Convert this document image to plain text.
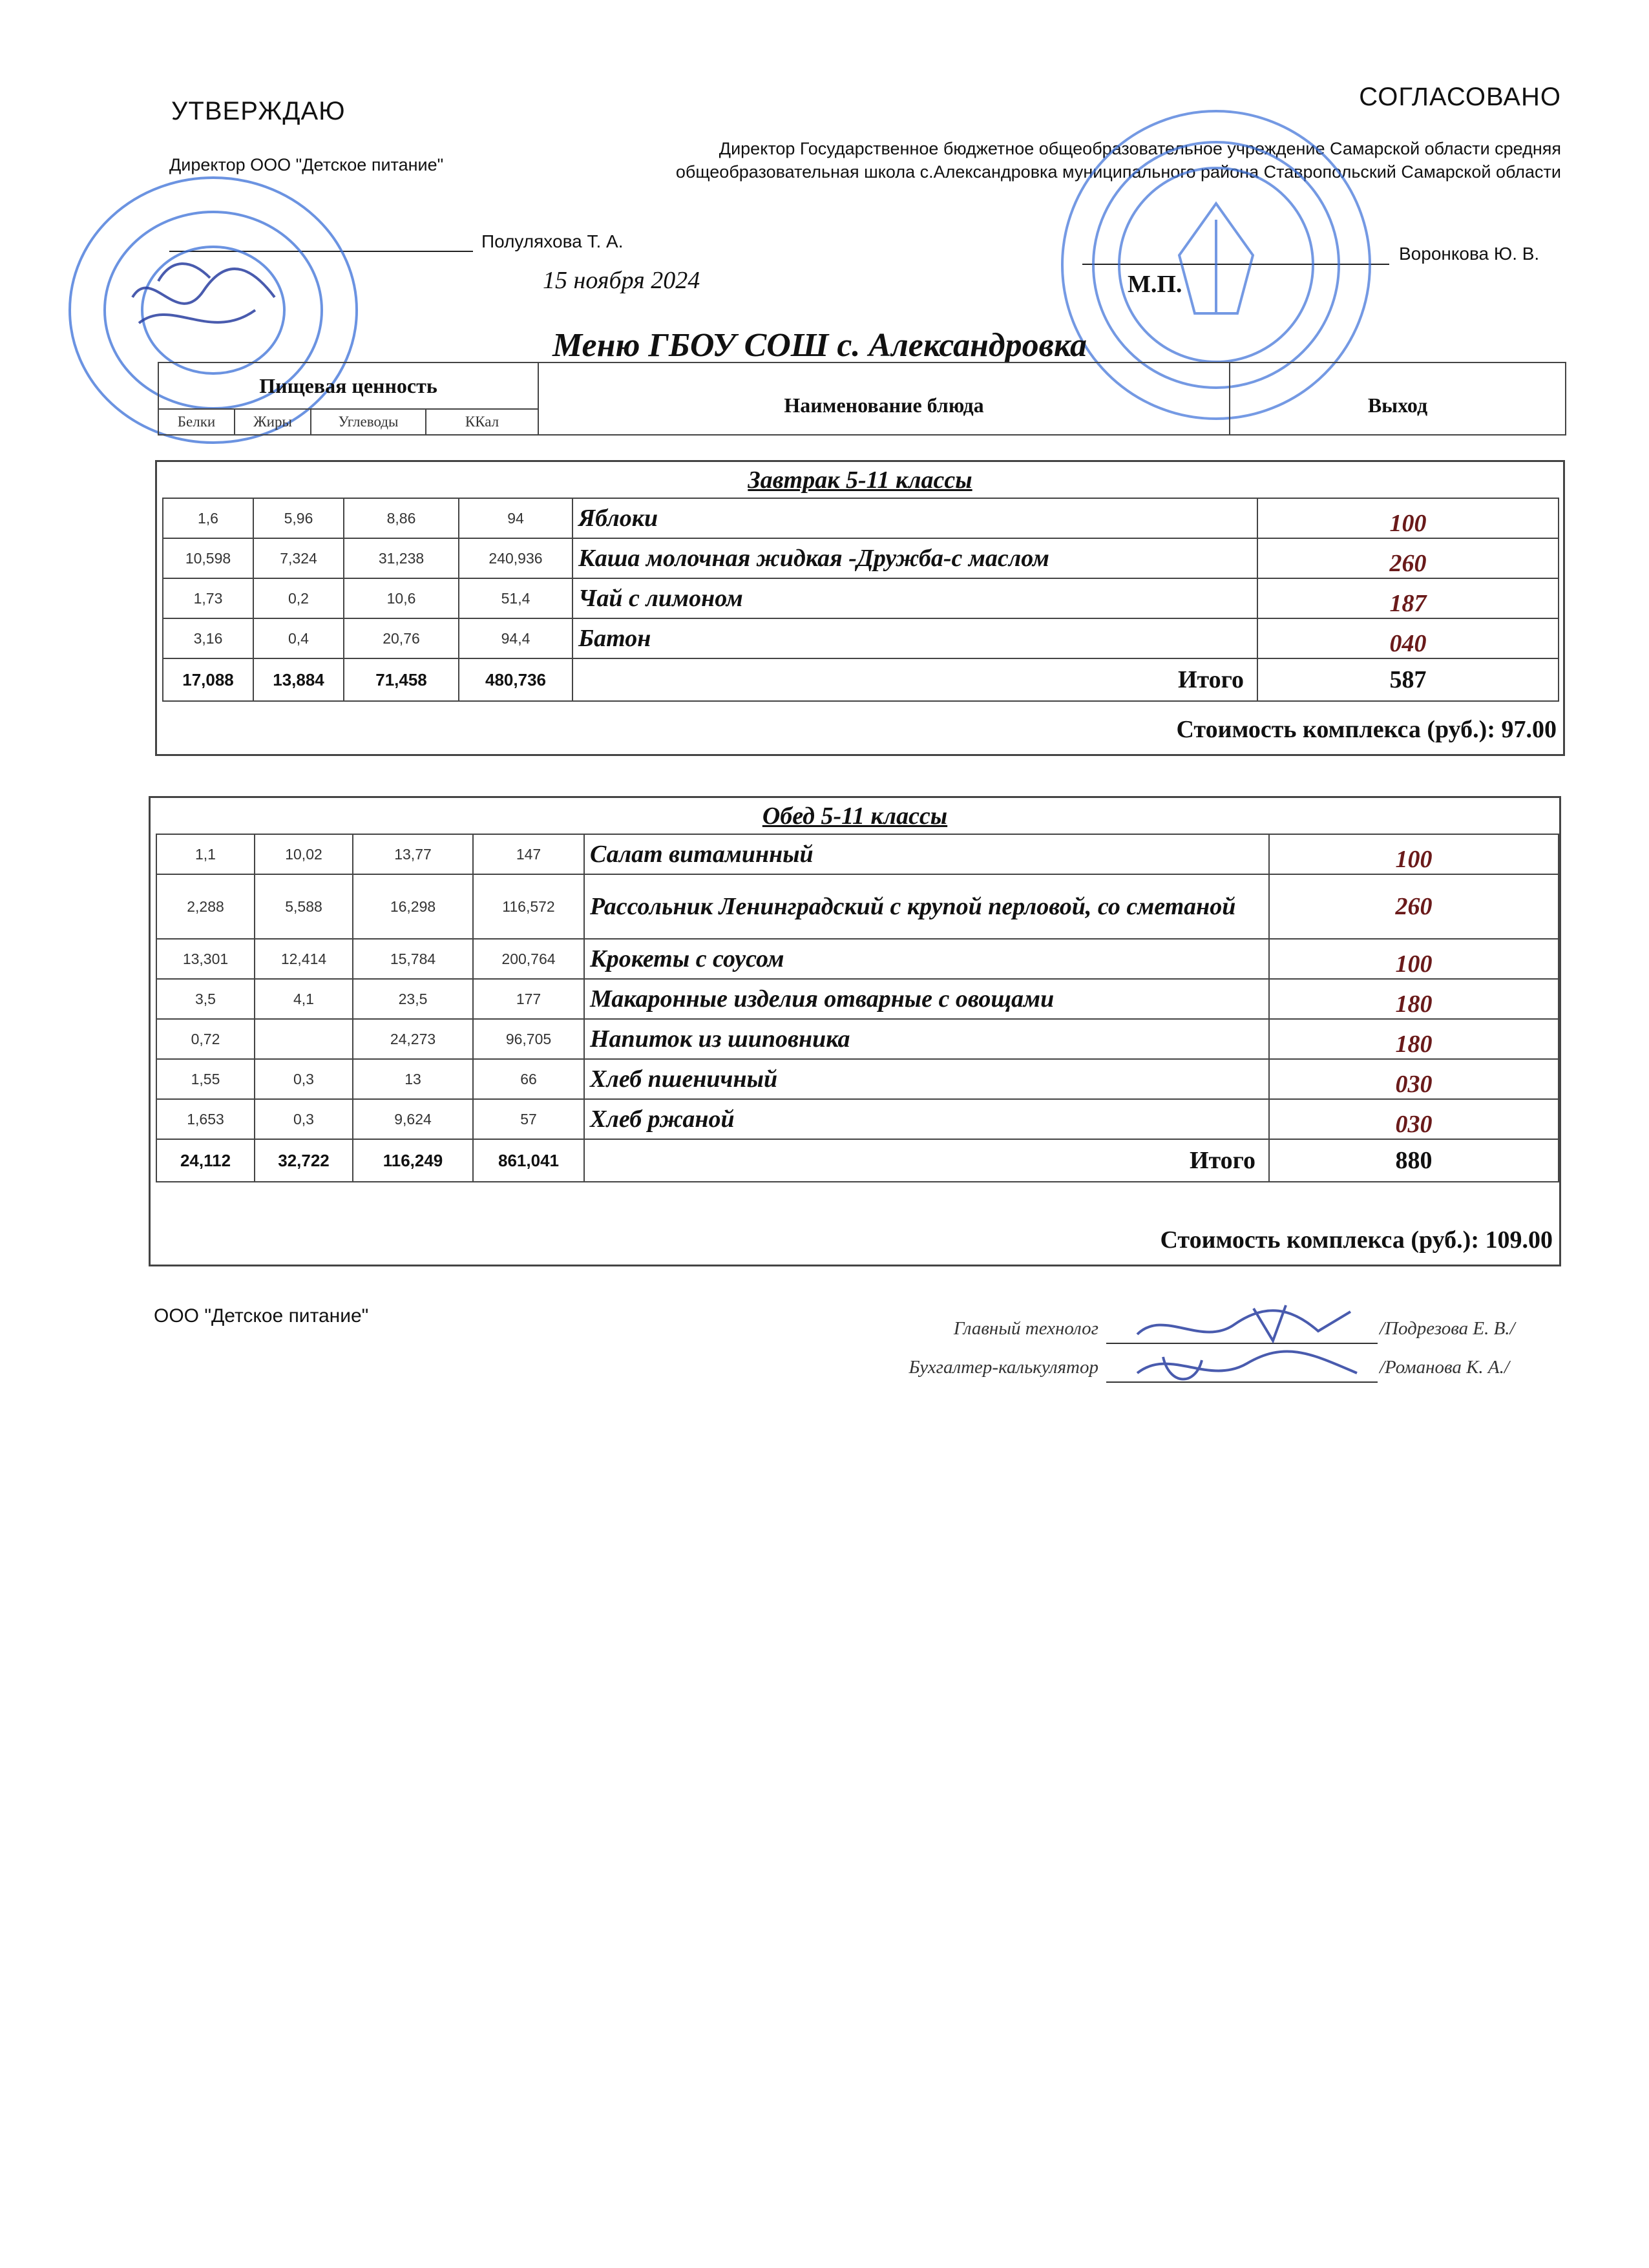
УТВЕРЖДАЮ
Директор ООО "Детское питание"
Полуляхова Т. А.
15 ноября 2024
СОГЛАСОВАНО
Директор Государственное бюджетное общеобразовательное учреждение Самарской области средняя общеобразовательная школа с.Александровка муниципального района Ставропольский Самарской области
Воронкова Ю. В.
М.П.
Меню ГБОУ СОШ с. Александровка
Пищевая ценность				Наименование блюда	Выход
Белки	Жиры	Углеводы	ККал		
Завтрак 5-11 классы
1,6	5,96	8,86	94	Яблоки	100
10,598	7,324	31,238	240,936	Каша молочная жидкая -Дружба-с маслом	260
1,73	0,2	10,6	51,4	Чай с лимоном	187
3,16	0,4	20,76	94,4	Батон	040
17,088	13,884	71,458	480,736	Итого	587
Стоимость комплекса (руб.): 97.00
Обед 5-11 классы
1,1	10,02	13,77	147	Салат витаминный	100
2,288	5,588	16,298	116,572	Рассольник Ленинградский с крупой перловой, со сметаной	260
13,301	12,414	15,784	200,764	Крокеты с соусом	100
3,5	4,1	23,5	177	Макаронные изделия отварные с овощами	180
0,72		24,273	96,705	Напиток из шиповника	180
1,55	0,3	13	66	Хлеб пшеничный	030
1,653	0,3	9,624	57	Хлеб ржаной	030
24,112	32,722	116,249	861,041	Итого	880
Стоимость комплекса (руб.): 109.00
ООО "Детское питание"
Главный технолог	/Подрезова Е. В./
Бухгалтер-калькулятор	/Романова К. А./
